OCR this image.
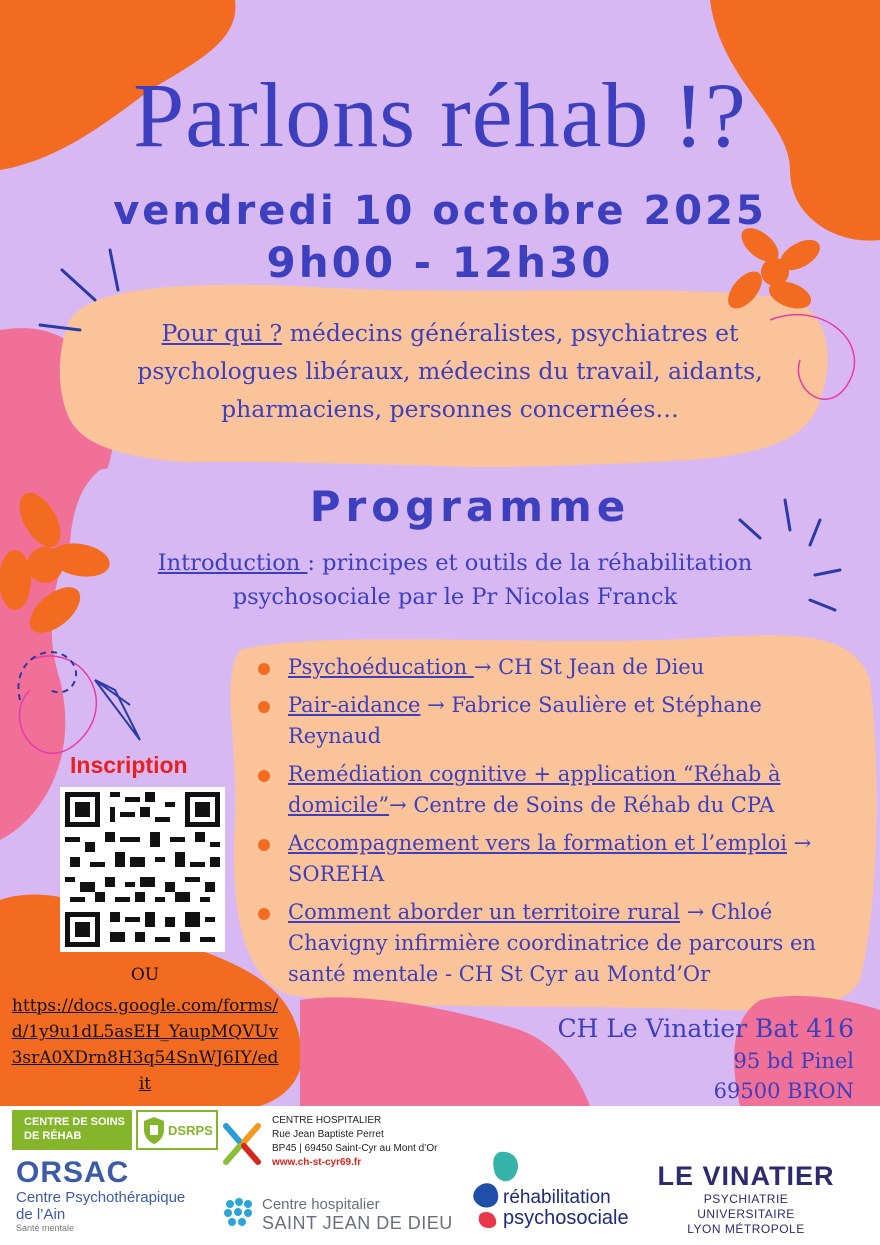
Parlons réhab !?
vendredi 10 octobre 2025
9h00 - 12h30
Pour qui ? médecins généralistes, psychiatres et psychologues libéraux, médecins du travail, aidants, pharmaciens, personnes concernées…
Programme
Introduction : principes et outils de la réhabilitation psychosociale par le Pr Nicolas Franck
Psychoéducation → CH St Jean de Dieu
Pair-aidance → Fabrice Saulière et Stéphane Reynaud
Remédiation cognitive + application “Réhab à domicile”→ Centre de Soins de Réhab du CPA
Accompagnement vers la formation et l’emploi → SOREHA
Comment aborder un territoire rural → Chloé Chavigny infirmière coordinatrice de parcours en santé mentale - CH St Cyr au Montd’Or
Inscription
OU
https://docs.google.com/forms/d/1y9u1dL5asEH_YaupMQVUv3srA0XDrn8H3q54SnWJ6IY/edit
CH Le Vinatier Bat 416
95 bd Pinel
69500 BRON
CENTRE DE SOINS
DE RÉHAB	DSRPS
CENTRE HOSPITALIER
Rue Jean Baptiste Perret
BP45 | 69450 Saint-Cyr au Mont d’Or
www.ch-st-cyr69.fr
ORSAC
Centre Psychothérapique
de l’Ain
Santé mentale
Centre hospitalier
SAINT JEAN DE DIEU
réhabilitation
psychosociale
LE VINATIER
PSYCHIATRIE UNIVERSITAIRE
LYON MÉTROPOLE
